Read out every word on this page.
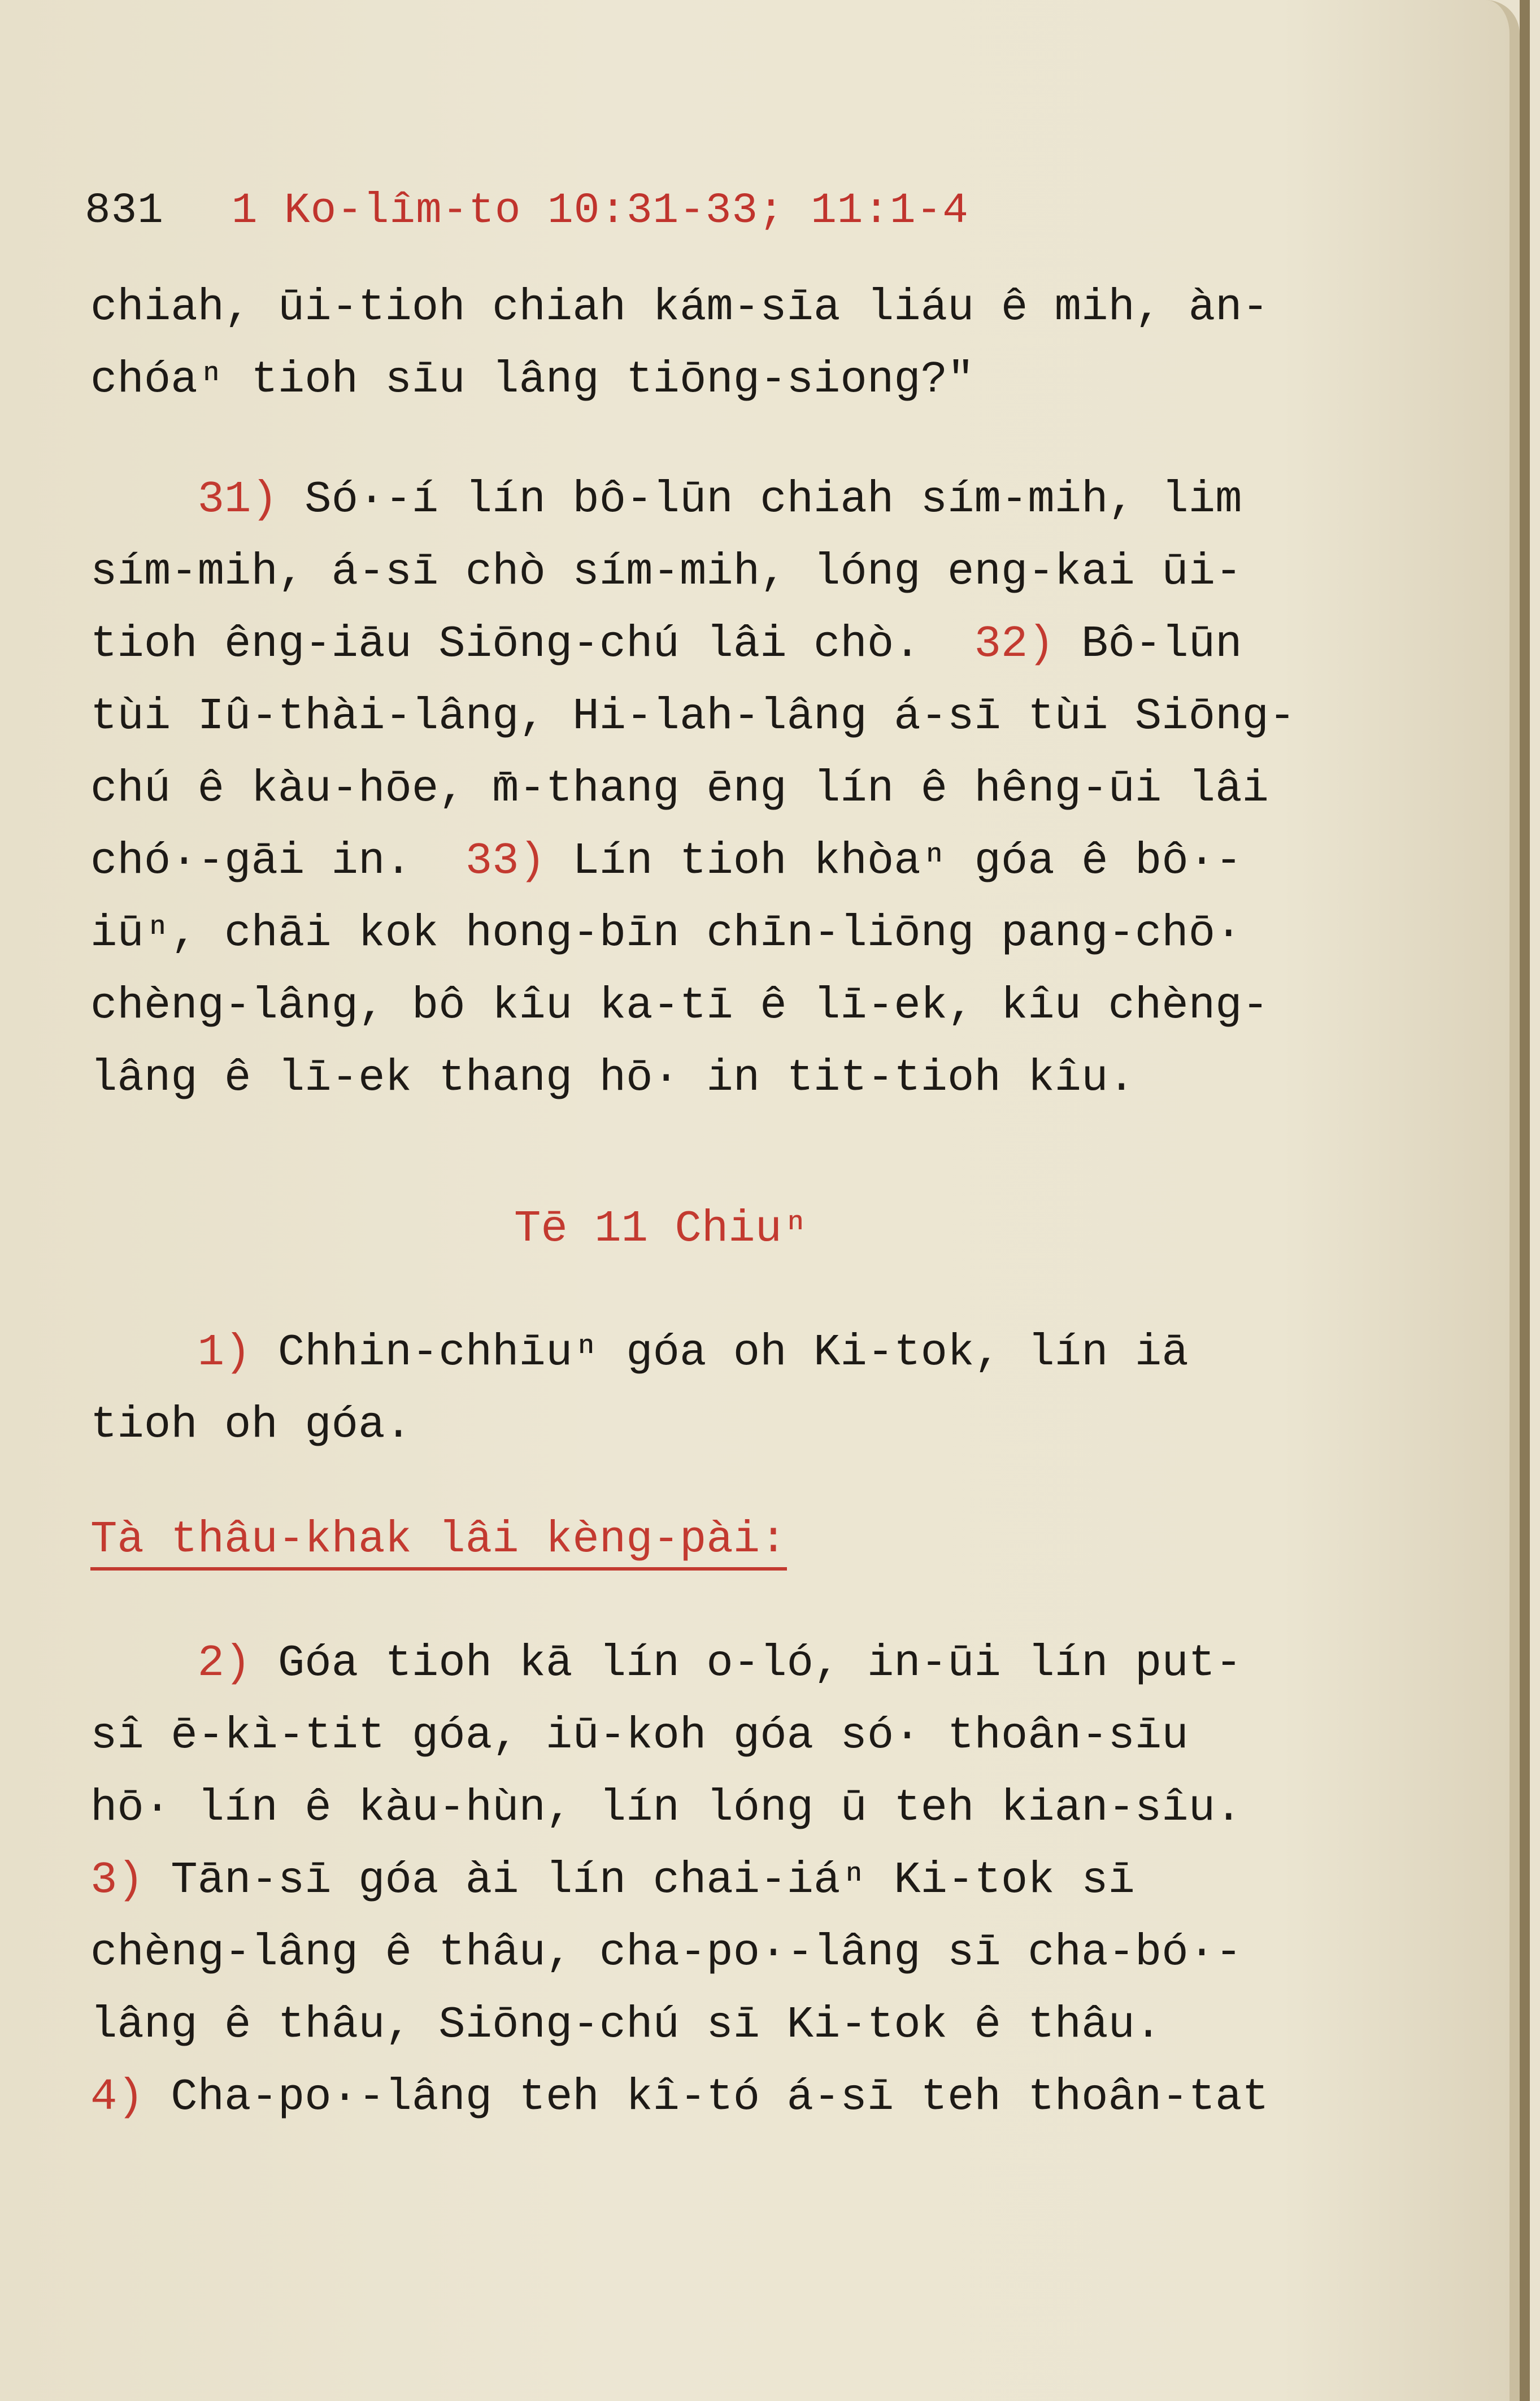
831 1 Ko-lîm-to 10:31-33; 11:1-4
chiah, ūi-tioh chiah kám-sīa liáu ê mih, àn-
chóaⁿ tioh sīu lâng tiōng-siong?"
31) Só·-í lín bô-lūn chiah sím-mih, lim
sím-mih, á-sī chò sím-mih, lóng eng-kai ūi-
tioh êng-iāu Siōng-chú lâi chò.  32) Bô-lūn
tùi Iû-thài-lâng, Hi-lah-lâng á-sī tùi Siōng-
chú ê kàu-hōe, m̄-thang ēng lín ê hêng-ūi lâi
chó·-gāi in.  33) Lín tioh khòaⁿ góa ê bô·-
iūⁿ, chāi kok hong-bīn chīn-liōng pang-chō·
chèng-lâng, bô kîu ka-tī ê lī-ek, kîu chèng-
lâng ê lī-ek thang hō· in tit-tioh kîu.
Tē 11 Chiuⁿ
1) Chhin-chhīuⁿ góa oh Ki-tok, lín iā
tioh oh góa.
Tà thâu-khak lâi kèng-pài:
2) Góa tioh kā lín o-ló, in-ūi lín put-
sî ē-kì-tit góa, iū-koh góa só· thoân-sīu
hō· lín ê kàu-hùn, lín lóng ū teh kian-sîu.
3) Tān-sī góa ài lín chai-iáⁿ Ki-tok sī
chèng-lâng ê thâu, cha-po·-lâng sī cha-bó·-
lâng ê thâu, Siōng-chú sī Ki-tok ê thâu.
4) Cha-po·-lâng teh kî-tó á-sī teh thoân-tat
